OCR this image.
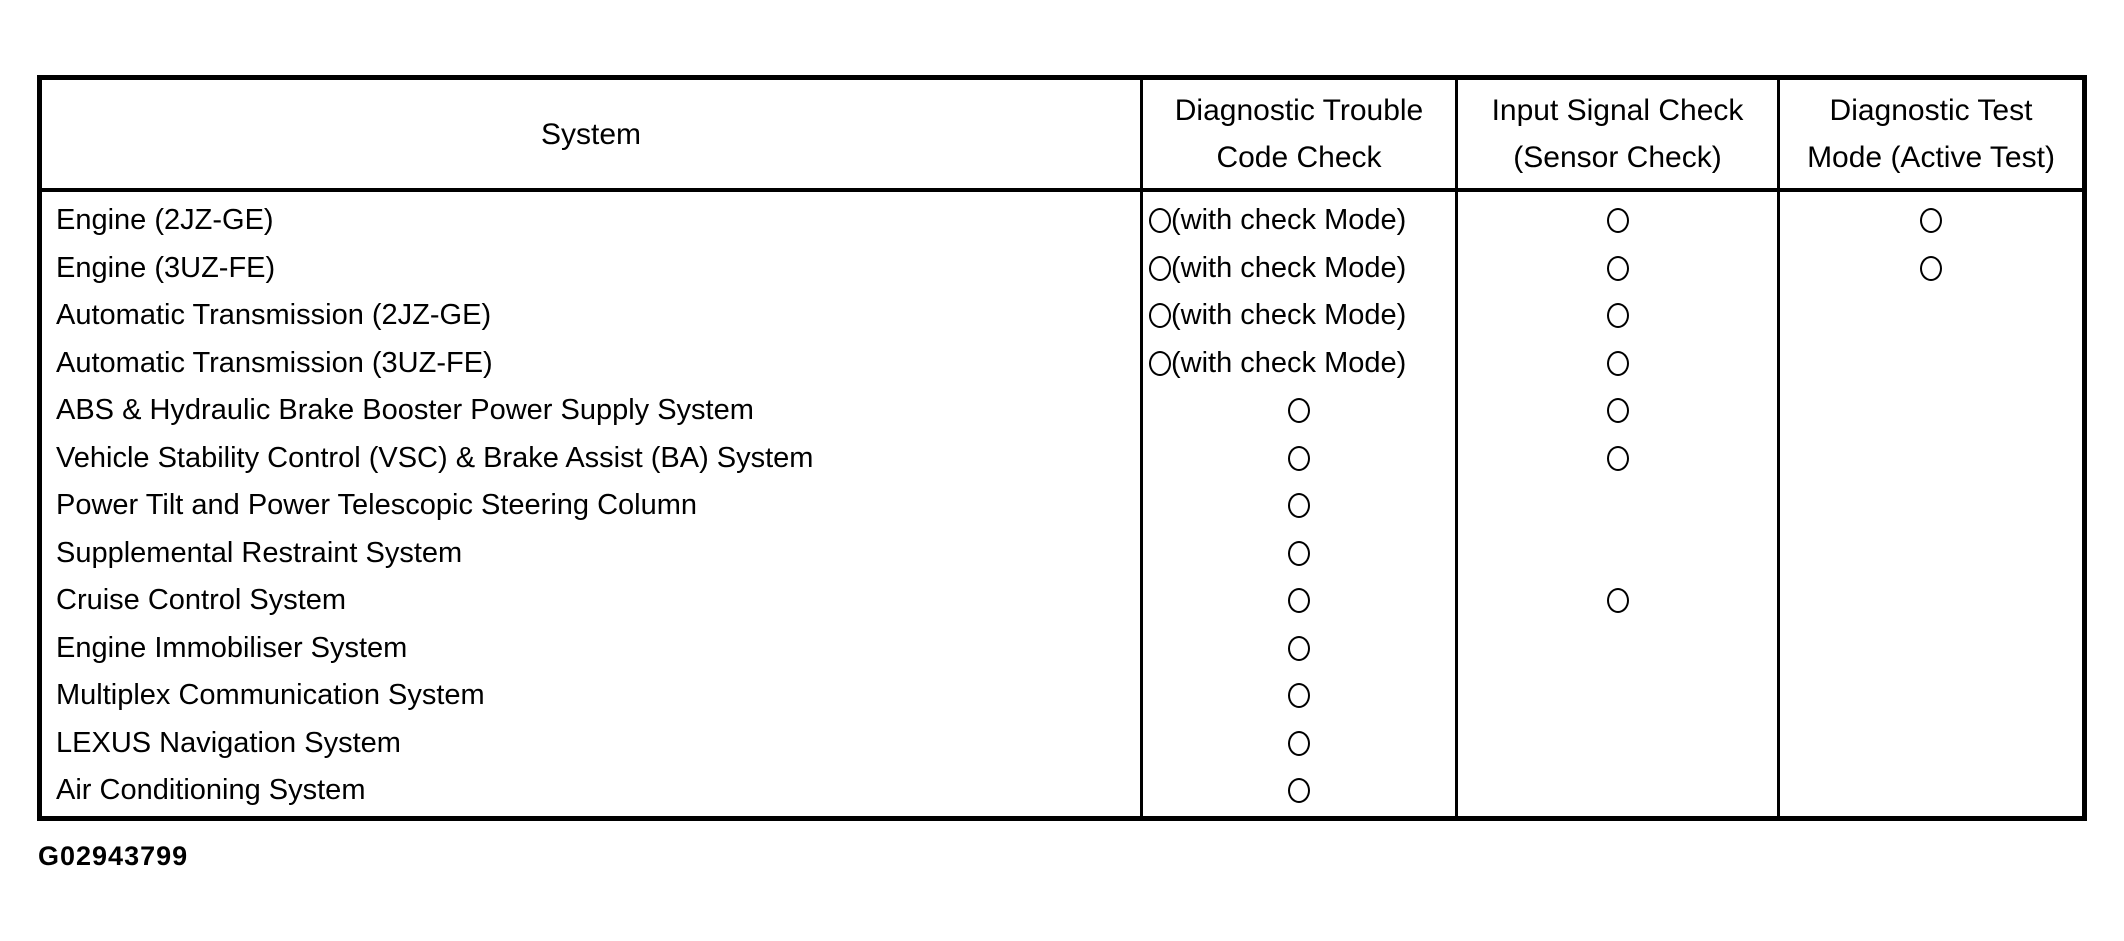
System
Diagnostic Trouble
Code Check
Input Signal Check
(Sensor Check)
Diagnostic Test
Mode (Active Test)
Engine (2JZ-GE)
Engine (3UZ-FE)
Automatic Transmission (2JZ-GE)
Automatic Transmission (3UZ-FE)
ABS & Hydraulic Brake Booster Power Supply System
Vehicle Stability Control (VSC) & Brake Assist (BA) System
Power Tilt and Power Telescopic Steering Column
Supplemental Restraint System
Cruise Control System
Engine Immobiliser System
Multiplex Communication System
LEXUS Navigation System
Air Conditioning System
(with check Mode)
(with check Mode)
(with check Mode)
(with check Mode)
G02943799
